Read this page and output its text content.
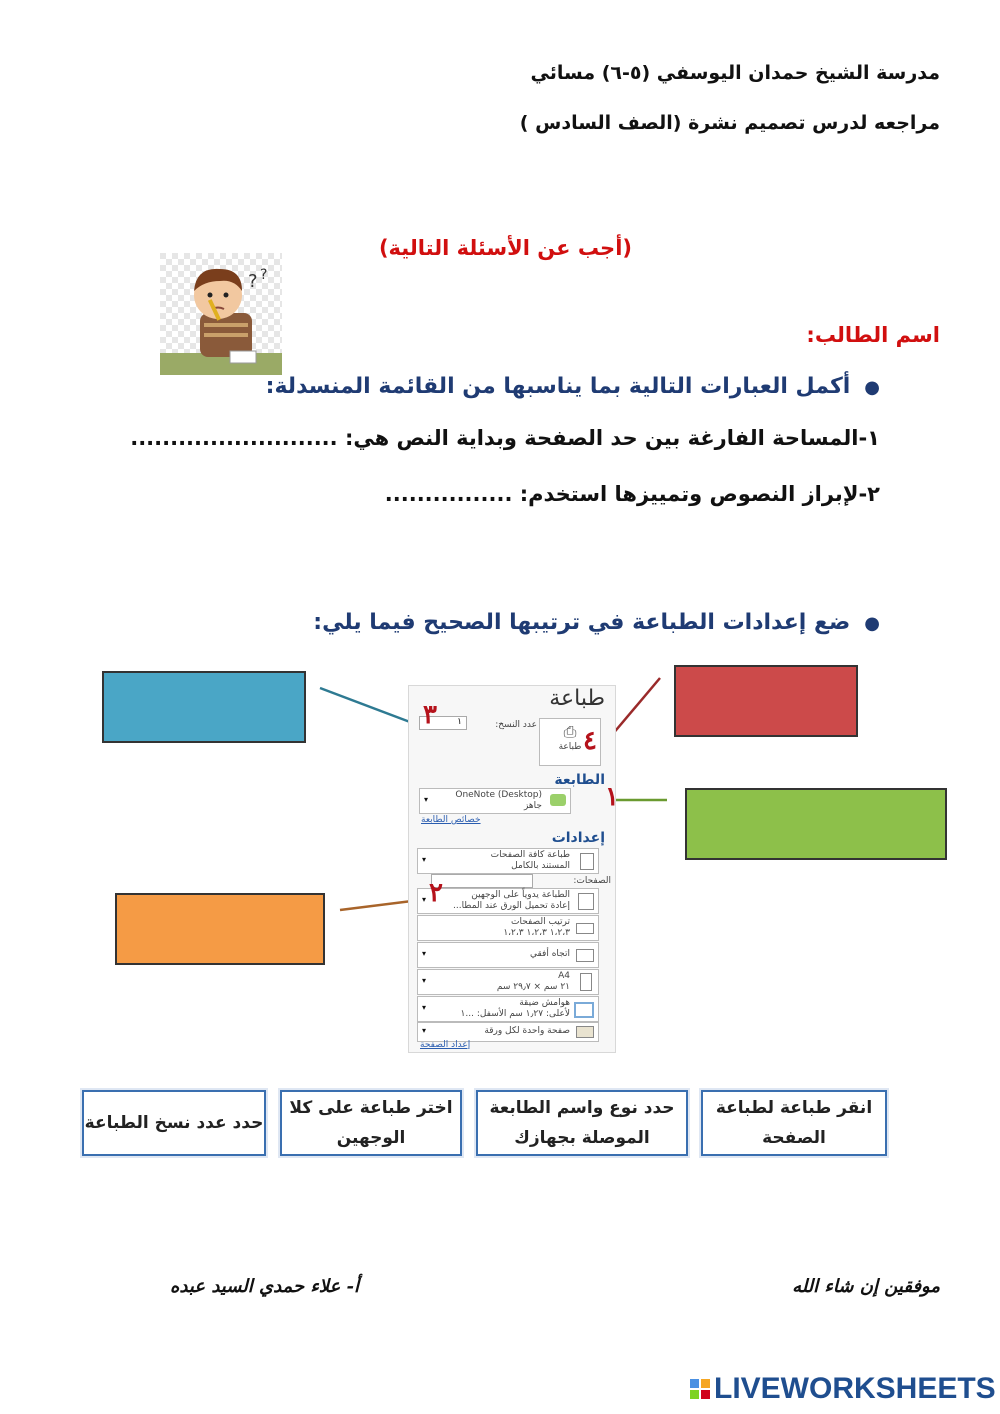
مدرسة الشيخ حمدان اليوسفي (٥-٦) مسائي
مراجعه لدرس تصميم نشرة (الصف السادس )
(أجب عن الأسئلة التالية)
? ?
اسم الطالب:
●أكمل العبارات التالية بما يناسبها من القائمة المنسدلة:
١-المساحة الفارغة بين حد الصفحة وبداية النص هي: ..........................
٢-لإبراز النصوص وتمييزها استخدم: ................
●ضع إعدادات الطباعة في ترتيبها الصحيح فيما يلي:
طباعة
عدد النسخ:
١
٣
⎙
طباعة ٤
الطابعة
OneNote (Desktop)
جاهز
▾	١
خصائص الطابعة
إعدادات
طباعة كافة الصفحات
المستند بالكامل
▾
الصفحات:
الطباعة يدوياً على الوجهين
إعادة تحميل الورق عند المطا...
▾ ٢
ترتيب الصفحات
١،٢،٣ ١،٢،٣ ١،٢،٣
اتجاه أفقي
▾
A4
٢١ سم × ٢٩٫٧ سم
▾
هوامش ضيقة
لأعلى: ١٫٢٧ سم الأسفل: ...١
▾
صفحة واحدة لكل ورقة
▾
إعداد الصفحة
حدد عدد نسخ الطباعة
اختر طباعة على كلا الوجهين
حدد نوع واسم الطابعة الموصلة بجهازك
انقر طباعة لطباعة الصفحة
أ- علاء حمدي السيد عبده	موفقين إن شاء الله
LIVEWORKSHEETS
